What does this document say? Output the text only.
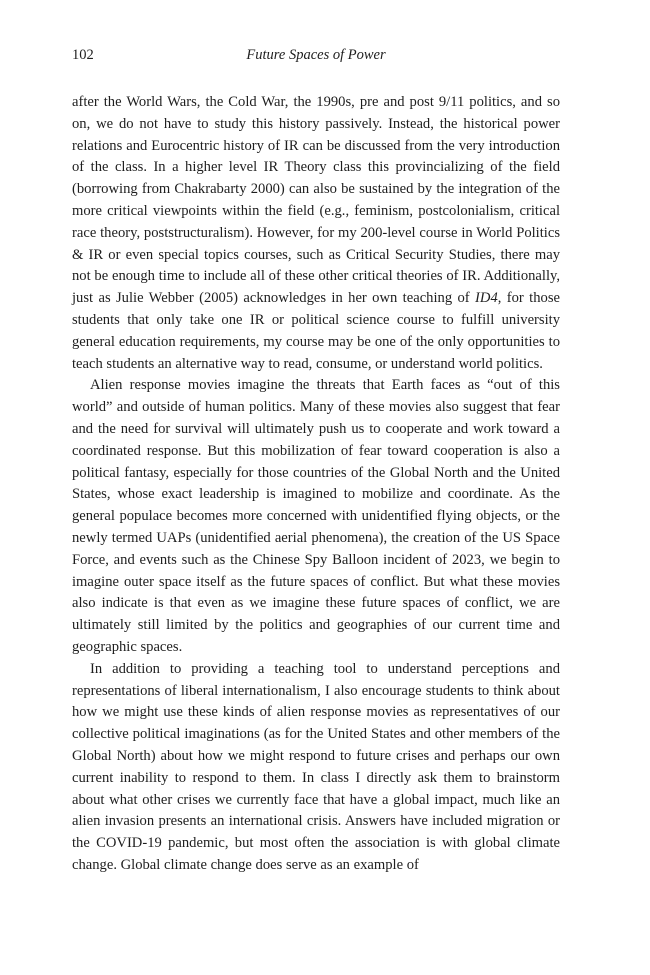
102	Future Spaces of Power

after the World Wars, the Cold War, the 1990s, pre and post 9/11 politics, and so on, we do not have to study this history passively. Instead, the historical power relations and Eurocentric history of IR can be discussed from the very introduction of the class. In a higher level IR Theory class this provincializing of the field (borrowing from Chakrabarty 2000) can also be sustained by the integration of the more critical viewpoints within the field (e.g., feminism, postcolonialism, critical race theory, poststructuralism). However, for my 200-level course in World Politics & IR or even special topics courses, such as Critical Security Studies, there may not be enough time to include all of these other critical theories of IR. Additionally, just as Julie Webber (2005) acknowledges in her own teaching of ID4, for those students that only take one IR or political science course to fulfill university general education requirements, my course may be one of the only opportunities to teach students an alternative way to read, consume, or understand world politics.

Alien response movies imagine the threats that Earth faces as “out of this world” and outside of human politics. Many of these movies also suggest that fear and the need for survival will ultimately push us to cooperate and work toward a coordinated response. But this mobilization of fear toward cooperation is also a political fantasy, especially for those countries of the Global North and the United States, whose exact leadership is imagined to mobilize and coordinate. As the general populace becomes more concerned with unidentified flying objects, or the newly termed UAPs (unidentified aerial phenomena), the creation of the US Space Force, and events such as the Chinese Spy Balloon incident of 2023, we begin to imagine outer space itself as the future spaces of conflict. But what these movies also indicate is that even as we imagine these future spaces of conflict, we are ultimately still limited by the politics and geographies of our current time and geographic spaces.

In addition to providing a teaching tool to understand perceptions and representations of liberal internationalism, I also encourage students to think about how we might use these kinds of alien response movies as representatives of our collective political imaginations (as for the United States and other members of the Global North) about how we might respond to future crises and perhaps our own current inability to respond to them. In class I directly ask them to brainstorm about what other crises we currently face that have a global impact, much like an alien invasion presents an international crisis. Answers have included migration or the COVID-19 pandemic, but most often the association is with global climate change. Global climate change does serve as an example of
